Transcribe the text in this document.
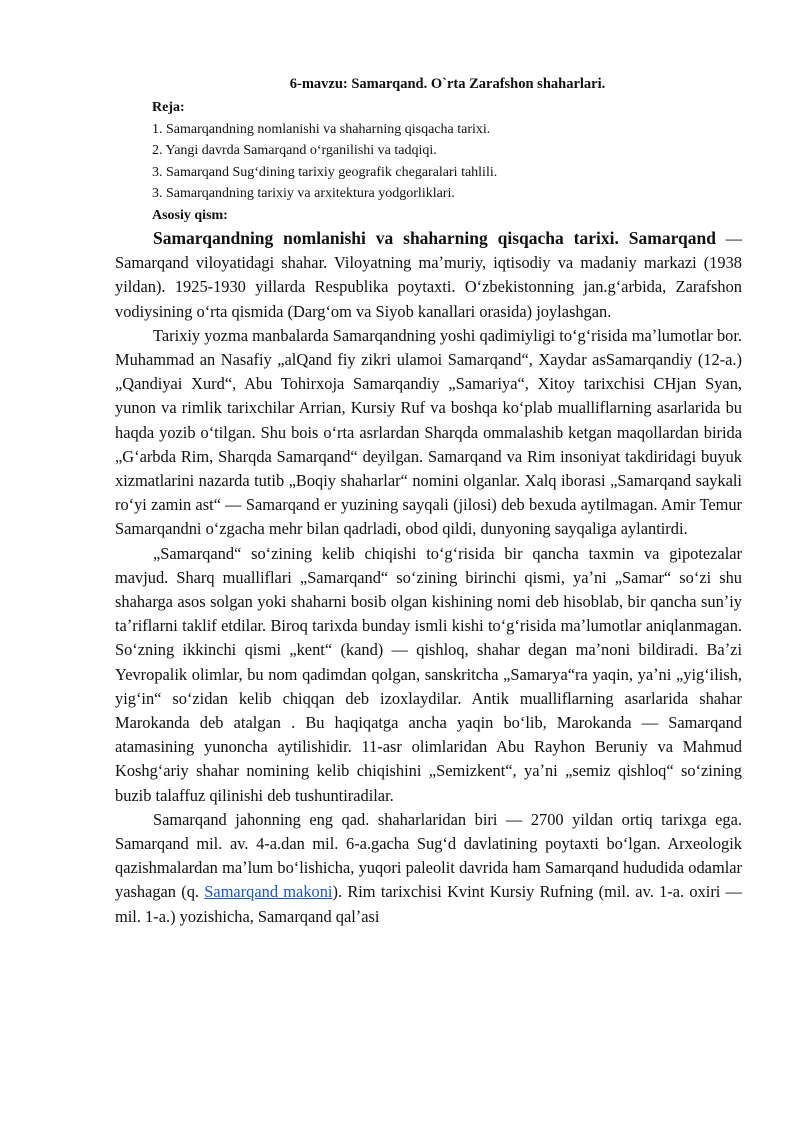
6-mavzu: Samarqand. O`rta Zarafshon shaharlari.
Reja:
1. Samarqandning nomlanishi va shaharning qisqacha tarixi.
2. Yangi davrda Samarqand oʻrganilishi va tadqiqi.
3. Samarqand Sugʻdining tarixiy geografik chegaralari tahlili.
3. Samarqandning tarixiy va arxitektura yodgorliklari.
Asosiy qism:

Samarqandning nomlanishi va shaharning qisqacha tarixi. Samarqand — Samarqand viloyatidagi shahar. Viloyatning maʼmuriy, iqtisodiy va madaniy markazi (1938 yildan). 1925-1930 yillarda Respublika poytaxti. Oʻzbekistonning jan.gʻarbida, Zarafshon vodiysining oʻrta qismida (Dargʻom va Siyob kanallari orasida) joylashgan.

Tarixiy yozma manbalarda Samarqandning yoshi qadimiyligi toʻgʻrisida maʼlumotlar bor. Muhammad an Nasafiy „alQand fiy zikri ulamoi Samarqand“, Xaydar asSamarqandiy (12-a.) „Qandiyai Xurd“, Abu Tohirxoja Samarqandiy „Samariya“, Xitoy tarixchisi CHjan Syan, yunon va rimlik tarixchilar Arrian, Kursiy Ruf va boshqa koʻplab mualliflarning asarlarida bu haqda yozib oʻtilgan. Shu bois oʻrta asrlardan Sharqda ommalashib ketgan maqollardan birida „Gʻarbda Rim, Sharqda Samarqand“ deyilgan. Samarqand va Rim insoniyat takdiridagi buyuk xizmatlarini nazarda tutib „Boqiy shaharlar“ nomini olganlar. Xalq iborasi „Samarqand saykali roʻyi zamin ast“ — Samarqand er yuzining sayqali (jilosi) deb bexuda aytilmagan. Amir Temur Samarqandni oʻzgacha mehr bilan qadrladi, obod qildi, dunyoning sayqaliga aylantirdi.

„Samarqand“ soʻzining kelib chiqishi toʻgʻrisida bir qancha taxmin va gipotezalar mavjud. Sharq mualliflari „Samarqand“ soʻzining birinchi qismi, yaʼni „Samar“ soʻzi shu shaharga asos solgan yoki shaharni bosib olgan kishining nomi deb hisoblab, bir qancha sunʼiy taʼriflarni taklif etdilar. Biroq tarixda bunday ismli kishi toʻgʻrisida maʼlumotlar aniqlanmagan. Soʻzning ikkinchi qismi „kent“ (kand) — qishloq, shahar degan maʼnoni bildiradi. Baʼzi Yevropalik olimlar, bu nom qadimdan qolgan, sanskritcha „Samarya“ra yaqin, yaʼni „yigʻilish, yigʻin“ soʻzidan kelib chiqqan deb izoxlaydilar. Antik mualliflarning asarlarida shahar Marokanda deb atalgan . Bu haqiqatga ancha yaqin boʻlib, Marokanda — Samarqand atamasining yunoncha aytilishidir. 11-asr olimlaridan Abu Rayhon Beruniy va Mahmud Koshgʻariy shahar nomining kelib chiqishini „Semizkent“, yaʼni „semiz qishloq“ soʻzining buzib talaffuz qilinishi deb tushuntiradilar.

Samarqand jahonning eng qad. shaharlaridan biri — 2700 yildan ortiq tarixga ega. Samarqand mil. av. 4-a.dan mil. 6-a.gacha Sugʻd davlatining poytaxti boʻlgan. Arxeologik qazishmalardan maʼlum boʻlishicha, yuqori paleolit davrida ham Samarqand hududida odamlar yashagan (q. Samarqand makoni). Rim tarixchisi Kvint Kursiy Rufning (mil. av. 1-a. oxiri — mil. 1-a.) yozishicha, Samarqand qalʼasi
